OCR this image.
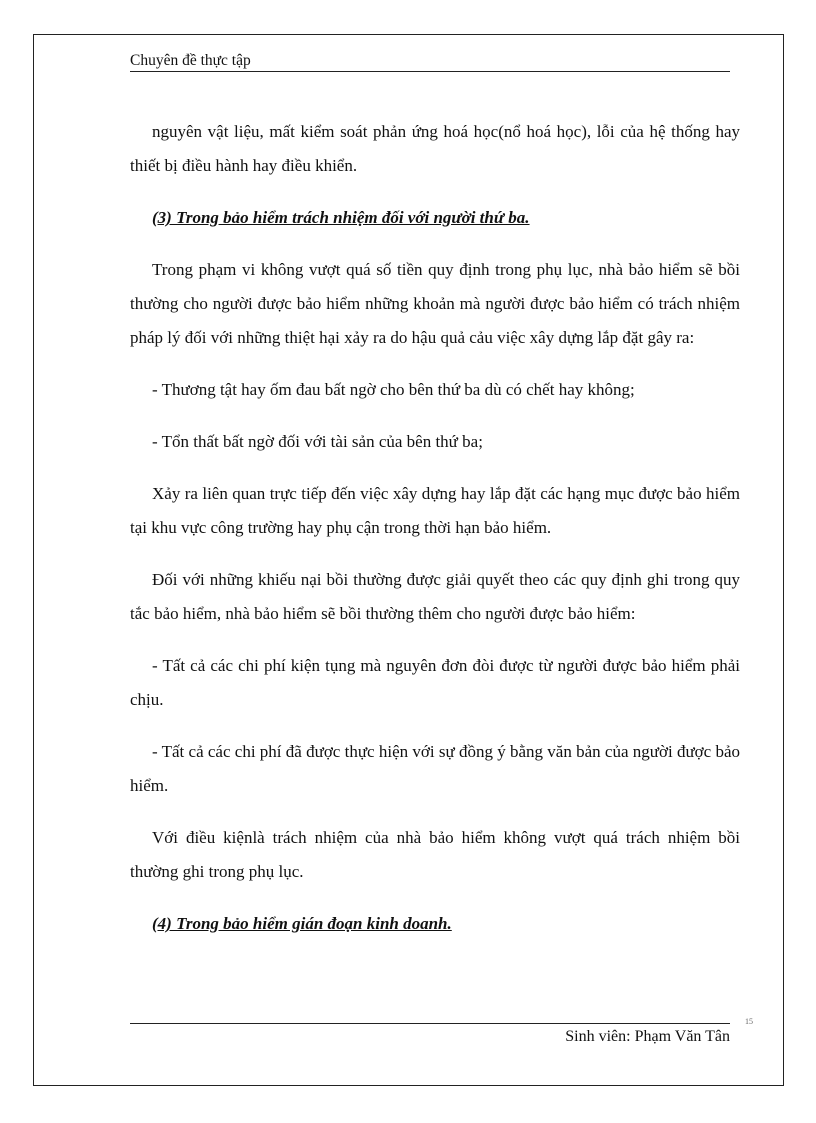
Chuyên đề thực tập

nguyên vật liệu, mất kiểm soát phản ứng hoá học(nổ hoá học), lỗi của hệ thống hay thiết bị điều hành hay điều khiển.

(3) Trong bảo hiểm trách nhiệm đối với người thứ ba.

Trong phạm vi không vượt quá số tiền quy định trong phụ lục, nhà bảo hiểm sẽ bồi thường cho người được bảo hiểm những khoản mà người được bảo hiểm có trách nhiệm pháp lý đối với những thiệt hại xảy ra do hậu quả cảu việc xây dựng lắp đặt gây ra:

- Thương tật hay ốm đau bất ngờ cho bên thứ ba dù có chết hay không;

- Tổn thất bất ngờ đối với tài sản của bên thứ ba;

Xảy ra liên quan trực tiếp đến việc xây dựng hay lắp đặt các hạng mục được bảo hiểm tại khu vực công trường hay phụ cận trong thời hạn bảo hiểm.

Đối với những khiếu nại bồi thường được giải quyết theo các quy định ghi trong quy tắc bảo hiểm, nhà bảo hiểm sẽ bồi thường thêm cho người được bảo hiểm:

- Tất cả các chi phí kiện tụng mà nguyên đơn đòi được từ người được bảo hiểm phải chịu.

- Tất cả các chi phí đã được thực hiện với sự đồng ý bằng văn bản của người được bảo hiểm.

Với điều kiệnlà trách nhiệm của nhà bảo hiểm không vượt quá trách nhiệm bồi thường ghi trong phụ lục.

(4) Trong bảo hiểm gián đoạn kinh doanh.

Sinh viên: Phạm Văn Tân
15
